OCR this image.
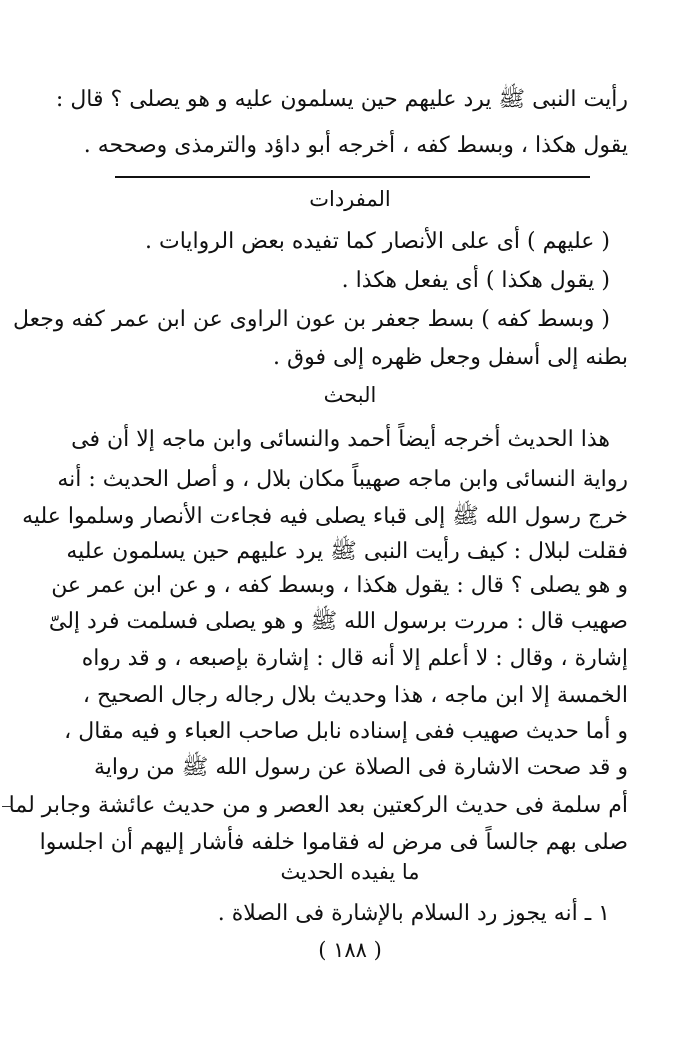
رأيت النبى ﷺ يرد عليهم حين يسلمون عليه و هو يصلى ؟ قال :
يقول هكذا ، وبسط كفه ، أخرجه أبو داؤد والترمذى وصححه .
المفردات
( عليهم ) أى على الأنصار كما تفيده بعض الروايات .
( يقول هكذا ) أى يفعل هكذا .
( وبسط كفه ) بسط جعفر بن عون الراوى عن ابن عمر كفه وجعل
بطنه إلى أسفل وجعل ظهره إلى فوق .
البحث
هذا الحديث أخرجه أيضاً أحمد والنسائى وابن ماجه إلا أن فى
رواية النسائى وابن ماجه صهيباً مكان بلال ، و أصل الحديث : أنه
خرج رسول الله ﷺ إلى قباء يصلى فيه فجاءت الأنصار وسلموا عليه
فقلت لبلال : كيف رأيت النبى ﷺ يرد عليهم حين يسلمون عليه
و هو يصلى ؟ قال : يقول هكذا ، وبسط كفه ، و عن ابن عمر عن
صهيب قال : مررت برسول الله ﷺ و هو يصلى فسلمت فرد إلىّ
إشارة ، وقال : لا أعلم إلا أنه قال : إشارة بإصبعه ، و قد رواه
الخمسة إلا ابن ماجه ، هذا وحديث بلال رجاله رجال الصحيح ،
و أما حديث صهيب ففى إسناده نابل صاحب العباء و فيه مقال ،
و قد صحت الاشارة فى الصلاة عن رسول الله ﷺ من رواية
أم سلمة فى حديث الركعتين بعد العصر و من حديث عائشة وجابر لما
صلى بهم جالساً فى مرض له فقاموا خلفه فأشار إليهم أن اجلسوا
ما يفيده الحديث
١ ـ أنه يجوز رد السلام بالإشارة فى الصلاة .
( ١٨٨ )
